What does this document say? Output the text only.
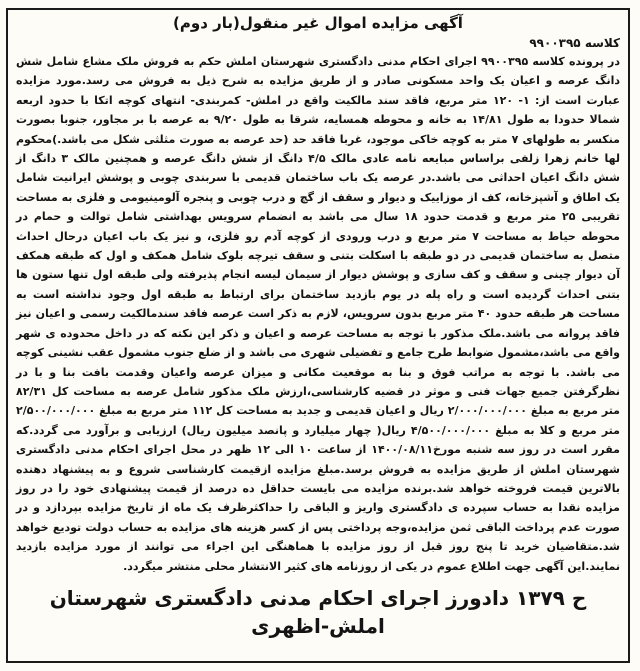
آگهی مزایده اموال غیر منقول(بار دوم)
کلاسه ۹۹۰۰۳۹۵

در پرونده کلاسه ۹۹۰۰۳۹۵ اجرای احکام مدنی دادگستری شهرستان املش حکم به فروش ملک مشاع شامل شش دانگ عرصه و اعیان یک واحد مسکونی صادر و از طریق مزایده به شرح ذیل به فروش می رسد.مورد مزایده عبارت است از: ۱- ۱۲۰ متر مربع، فاقد سند مالکیت واقع در املش- کمربندی- انتهای کوچه اتکا با حدود اربعه شمالا حدودا به طول ۱۴/۸۱ به خانه و محوطه همسایه، شرقا به طول ۹/۲۰ به عرصه با بر مجاور، جنوبا بصورت منکسر به طولهای ۷ متر به کوچه خاکی موجود، غربا فاقد حد (حد عرصه به صورت مثلثی شکل می باشد.)محکوم لها خانم زهرا زلفی براساس مبایعه نامه عادی مالک ۴/۵ دانگ از شش دانگ عرصه و همچنین مالک ۳ دانگ از شش دانگ اعیان احداثی می باشد.در عرصه یک باب ساختمان قدیمی با سربندی چوبی و پوشش ایرانیت شامل یک اطاق و آشپزخانه، کف از موزاییک و دیوار و سقف از گچ و درب چوبی و پنجره آلومینیومی و فلزی به مساحت تقریبی ۲۵ متر مربع و قدمت حدود ۱۸ سال می باشد به انضمام سرویس بهداشتی شامل توالت و حمام در محوطه حیاط به مساحت ۷ متر مربع و درب ورودی از کوچه آدم رو فلزی، و نیز یک باب اعیان درحال احداث متصل به ساختمان قدیمی در دو طبقه با اسکلت بتنی و سقف تیرچه بلوک شامل همکف و اول که طبقه همکف آن دیوار چینی و سقف و کف سازی و پوشش دیوار از سیمان لیسه انجام پذیرفته ولی طبقه اول تنها ستون ها بتنی احداث گردیده است و راه پله در یوم بازدید ساختمان برای ارتباط به طبقه اول وجود نداشته است به مساحت هر طبقه حدود ۴۰ متر مربع بدون سرویس، لازم به ذکر است عرصه فاقد سندمالکیت رسمی و اعیان نیز فاقد پروانه می باشد.ملک مذکور با توجه به مساحت عرصه و اعیان و ذکر این نکته که در داخل محدوده ی شهر واقع می باشد،مشمول ضوابط طرح جامع و تفضیلی شهری می باشد و از ضلع جنوب مشمول عقب نشینی کوچه می باشد. با توجه به مراتب فوق و بنا به موقعیت مکانی و میزان عرصه واعیان وقدمت بافت بنا و با در نظرگرفتن جمیع جهات فنی و موثر در قضیه کارشناسی،ارزش ملک مذکور شامل عرصه به مساحت کل ۸۲/۳۱ متر مربع به مبلغ ۲/۰۰۰/۰۰۰/۰۰۰ ریال و اعیان قدیمی و جدید به مساحت کل ۱۱۲ متر مربع به مبلغ ۲/۵۰۰/۰۰۰/۰۰۰ متر مربع و کلا به مبلغ ۴/۵۰۰/۰۰۰/۰۰۰ ریال( چهار میلیارد و پانصد میلیون ریال) ارزیابی و برآورد می گردد.که مقرر است در روز سه شنبه مورخ۱۴۰۰/۰۸/۱۱ از ساعت ۱۰ الی ۱۲ ظهر در محل اجرای احکام مدنی دادگستری شهرستان املش از طریق مزایده به فروش برسد.مبلغ مزایده ازقیمت کارشناسی شروع و به پیشنهاد دهنده بالاترین قیمت فروخته خواهد شد.برنده مزایده می بایست حداقل ده درصد از قیمت پیشنهادی خود را در روز مزایده نقدا به حساب سپرده ی دادگستری واریز و الباقی را حداکثرظرف یک ماه از تاریخ مزایده بپردازد و در صورت عدم پرداخت الباقی ثمن مزایده،وجه پرداختی پس از کسر هزینه های مزایده به حساب دولت تودیع خواهد شد.متقاضیان خرید تا پنج روز قبل از روز مزایده با هماهنگی این اجراء می توانند از مورد مزایده بازدید نمایند.این آگهی جهت اطلاع عموم در یکی از روزنامه های کثیر الانتشار محلی منتشر میگردد.

ح ۱۳۷۹ دادورز اجرای احکام مدنی دادگستری شهرستان املش-اظهری
